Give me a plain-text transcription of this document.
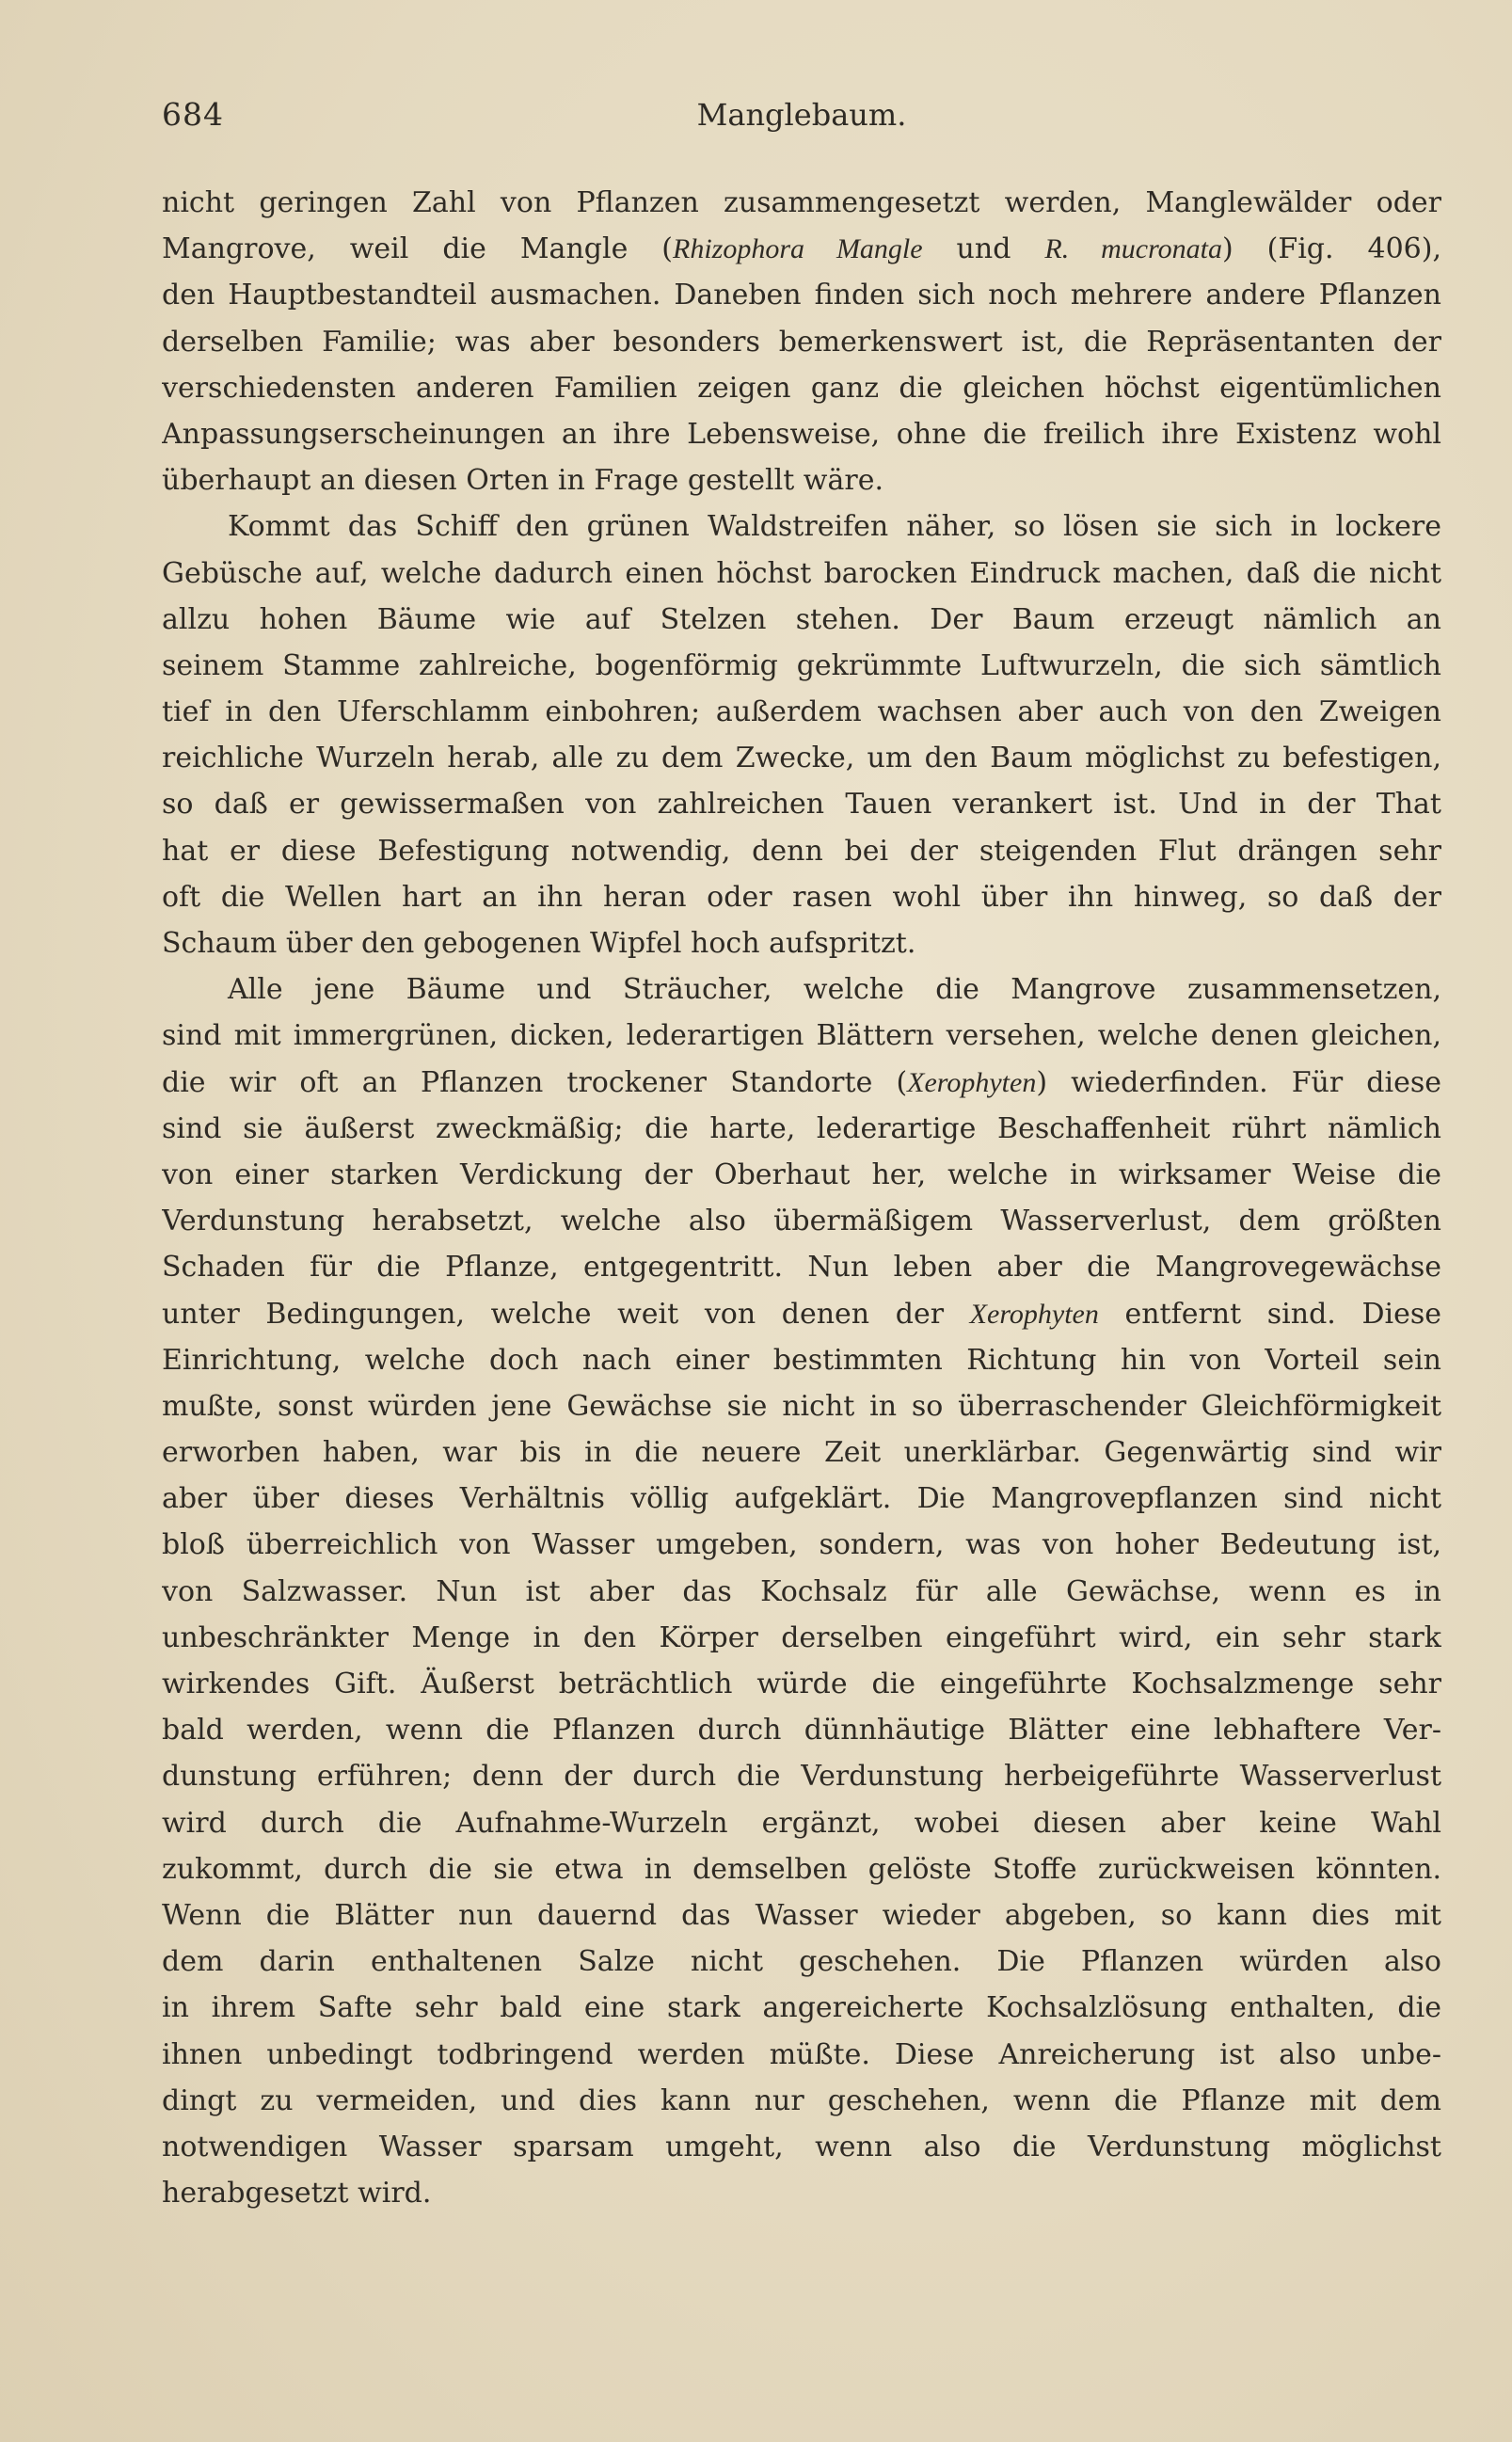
684	Manglebaum.
nicht geringen Zahl von Pflanzen zusammengesetzt werden, Manglewälder oder
Mangrove, weil die Mangle (Rhizophora Mangle und R. mucronata) (Fig. 406),
den Hauptbestandteil ausmachen. Daneben finden sich noch mehrere andere Pflanzen
derselben Familie; was aber besonders bemerkenswert ist, die Repräsentanten der
verschiedensten anderen Familien zeigen ganz die gleichen höchst eigentümlichen
Anpassungserscheinungen an ihre Lebensweise, ohne die freilich ihre Existenz wohl
überhaupt an diesen Orten in Frage gestellt wäre.
Kommt das Schiff den grünen Waldstreifen näher, so lösen sie sich in lockere
Gebüsche auf, welche dadurch einen höchst barocken Eindruck machen, daß die nicht
allzu hohen Bäume wie auf Stelzen stehen. Der Baum erzeugt nämlich an
seinem Stamme zahlreiche, bogenförmig gekrümmte Luftwurzeln, die sich sämtlich
tief in den Uferschlamm einbohren; außerdem wachsen aber auch von den Zweigen
reichliche Wurzeln herab, alle zu dem Zwecke, um den Baum möglichst zu befestigen,
so daß er gewissermaßen von zahlreichen Tauen verankert ist. Und in der That
hat er diese Befestigung notwendig, denn bei der steigenden Flut drängen sehr
oft die Wellen hart an ihn heran oder rasen wohl über ihn hinweg, so daß der
Schaum über den gebogenen Wipfel hoch aufspritzt.
Alle jene Bäume und Sträucher, welche die Mangrove zusammensetzen,
sind mit immergrünen, dicken, lederartigen Blättern versehen, welche denen gleichen,
die wir oft an Pflanzen trockener Standorte (Xerophyten) wiederfinden. Für diese
sind sie äußerst zweckmäßig; die harte, lederartige Beschaffenheit rührt nämlich
von einer starken Verdickung der Oberhaut her, welche in wirksamer Weise die
Verdunstung herabsetzt, welche also übermäßigem Wasserverlust, dem größten
Schaden für die Pflanze, entgegentritt. Nun leben aber die Mangrovegewächse
unter Bedingungen, welche weit von denen der Xerophyten entfernt sind. Diese
Einrichtung, welche doch nach einer bestimmten Richtung hin von Vorteil sein
mußte, sonst würden jene Gewächse sie nicht in so überraschender Gleichförmigkeit
erworben haben, war bis in die neuere Zeit unerklärbar. Gegenwärtig sind wir
aber über dieses Verhältnis völlig aufgeklärt. Die Mangrovepflanzen sind nicht
bloß überreichlich von Wasser umgeben, sondern, was von hoher Bedeutung ist,
von Salzwasser. Nun ist aber das Kochsalz für alle Gewächse, wenn es in
unbeschränkter Menge in den Körper derselben eingeführt wird, ein sehr stark
wirkendes Gift. Äußerst beträchtlich würde die eingeführte Kochsalzmenge sehr
bald werden, wenn die Pflanzen durch dünnhäutige Blätter eine lebhaftere Ver-
dunstung erführen; denn der durch die Verdunstung herbeigeführte Wasserverlust
wird durch die Aufnahme-Wurzeln ergänzt, wobei diesen aber keine Wahl
zukommt, durch die sie etwa in demselben gelöste Stoffe zurückweisen könnten.
Wenn die Blätter nun dauernd das Wasser wieder abgeben, so kann dies mit
dem darin enthaltenen Salze nicht geschehen. Die Pflanzen würden also
in ihrem Safte sehr bald eine stark angereicherte Kochsalzlösung enthalten, die
ihnen unbedingt todbringend werden müßte. Diese Anreicherung ist also unbe-
dingt zu vermeiden, und dies kann nur geschehen, wenn die Pflanze mit dem
notwendigen Wasser sparsam umgeht, wenn also die Verdunstung möglichst
herabgesetzt wird.
